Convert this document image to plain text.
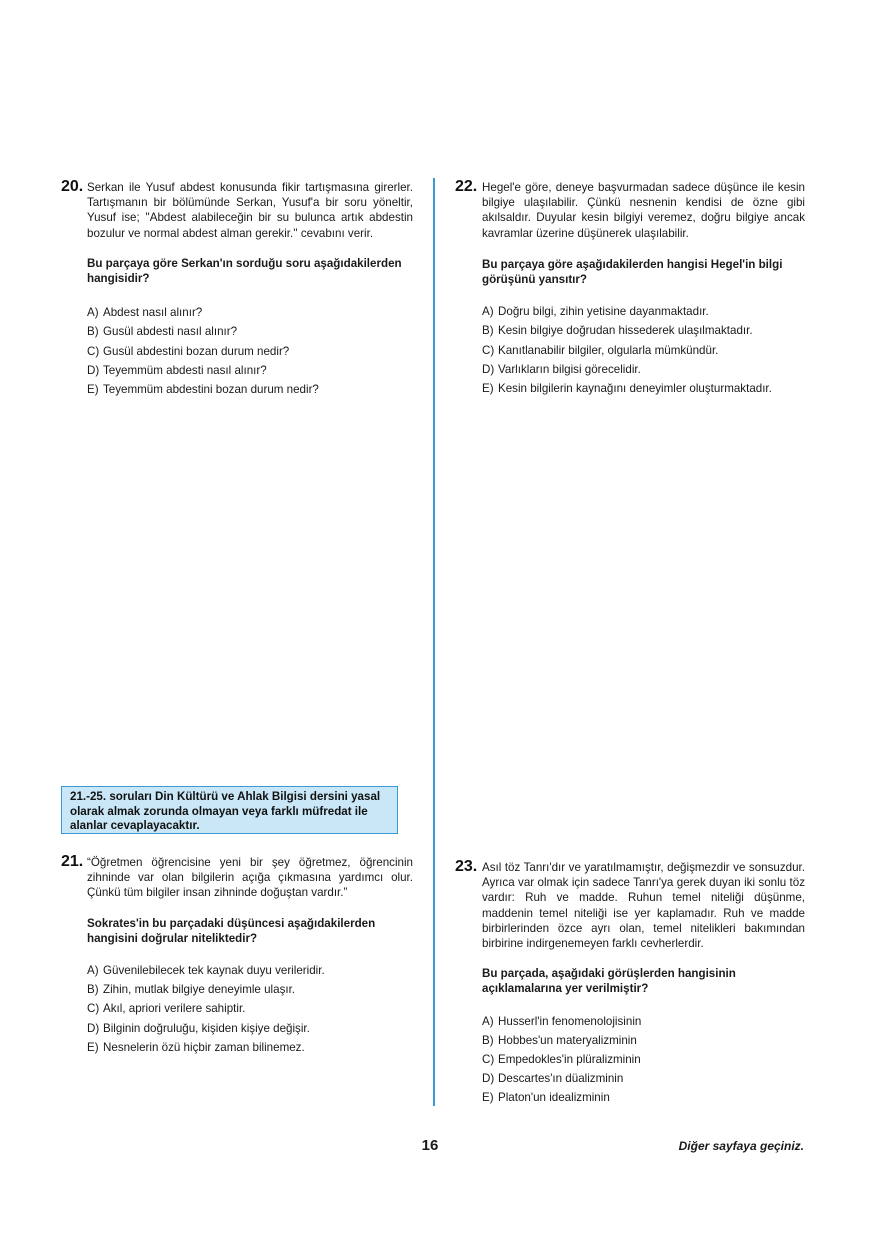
20. Serkan ile Yusuf abdest konusunda fikir tartışmasına girerler. Tartışmanın bir bölümünde Serkan, Yusuf'a bir soru yöneltir, Yusuf ise; ''Abdest alabileceğin bir su bulunca artık abdestin bozulur ve normal abdest alman gerekir.'' cevabını verir.

Bu parçaya göre Serkan'ın sorduğu soru aşağıdakilerden hangisidir?

A) Abdest nasıl alınır?
B) Gusül abdesti nasıl alınır?
C) Gusül abdestini bozan durum nedir?
D) Teyemmüm abdesti nasıl alınır?
E) Teyemmüm abdestini bozan durum nedir?
22. Hegel'e göre, deneye başvurmadan sadece düşünce ile kesin bilgiye ulaşılabilir. Çünkü nesnenin kendisi de özne gibi akılsaldır. Duyular kesin bilgiyi veremez, doğru bilgiye ancak kavramlar üzerine düşünerek ulaşılabilir.

Bu parçaya göre aşağıdakilerden hangisi Hegel'in bilgi görüşünü yansıtır?

A) Doğru bilgi, zihin yetisine dayanmaktadır.
B) Kesin bilgiye doğrudan hissederek ulaşılmaktadır.
C) Kanıtlanabilir bilgiler, olgularla mümkündür.
D) Varlıkların bilgisi görecelidir.
E) Kesin bilgilerin kaynağını deneyimler oluşturmaktadır.
21.-25. soruları Din Kültürü ve Ahlak Bilgisi dersini yasal olarak almak zorunda olmayan veya farklı müfredat ile alanlar cevaplayacaktır.
21. “Öğretmen öğrencisine yeni bir şey öğretmez, öğrencinin zihninde var olan bilgilerin açığa çıkmasına yardımcı olur. Çünkü tüm bilgiler insan zihninde doğuştan vardır.”

Sokrates'in bu parçadaki düşüncesi aşağıdakilerden hangisini doğrular niteliktedir?

A) Güvenilebilecek tek kaynak duyu verileridir.
B) Zihin, mutlak bilgiye deneyimle ulaşır.
C) Akıl, apriori verilere sahiptir.
D) Bilginin doğruluğu, kişiden kişiye değişir.
E) Nesnelerin özü hiçbir zaman bilinemez.
23. Asıl töz Tanrı'dır ve yaratılmamıştır, değişmezdir ve sonsuzdur. Ayrıca var olmak için sadece Tanrı'ya gerek duyan iki sonlu töz vardır: Ruh ve madde. Ruhun temel niteliği düşünme, maddenin temel niteliği ise yer kaplamadır. Ruh ve madde birbirlerinden özce ayrı olan, temel nitelikleri bakımından birbirine indirgenemeyen farklı cevherlerdir.

Bu parçada, aşağıdaki görüşlerden hangisinin açıklamalarına yer verilmiştir?

A) Husserl'in fenomenolojisinin
B) Hobbes'un materyalizminin
C) Empedokles'in plüralizminin
D) Descartes'ın düalizminin
E) Platon'un idealizminin
16	Diğer sayfaya geçiniz.
